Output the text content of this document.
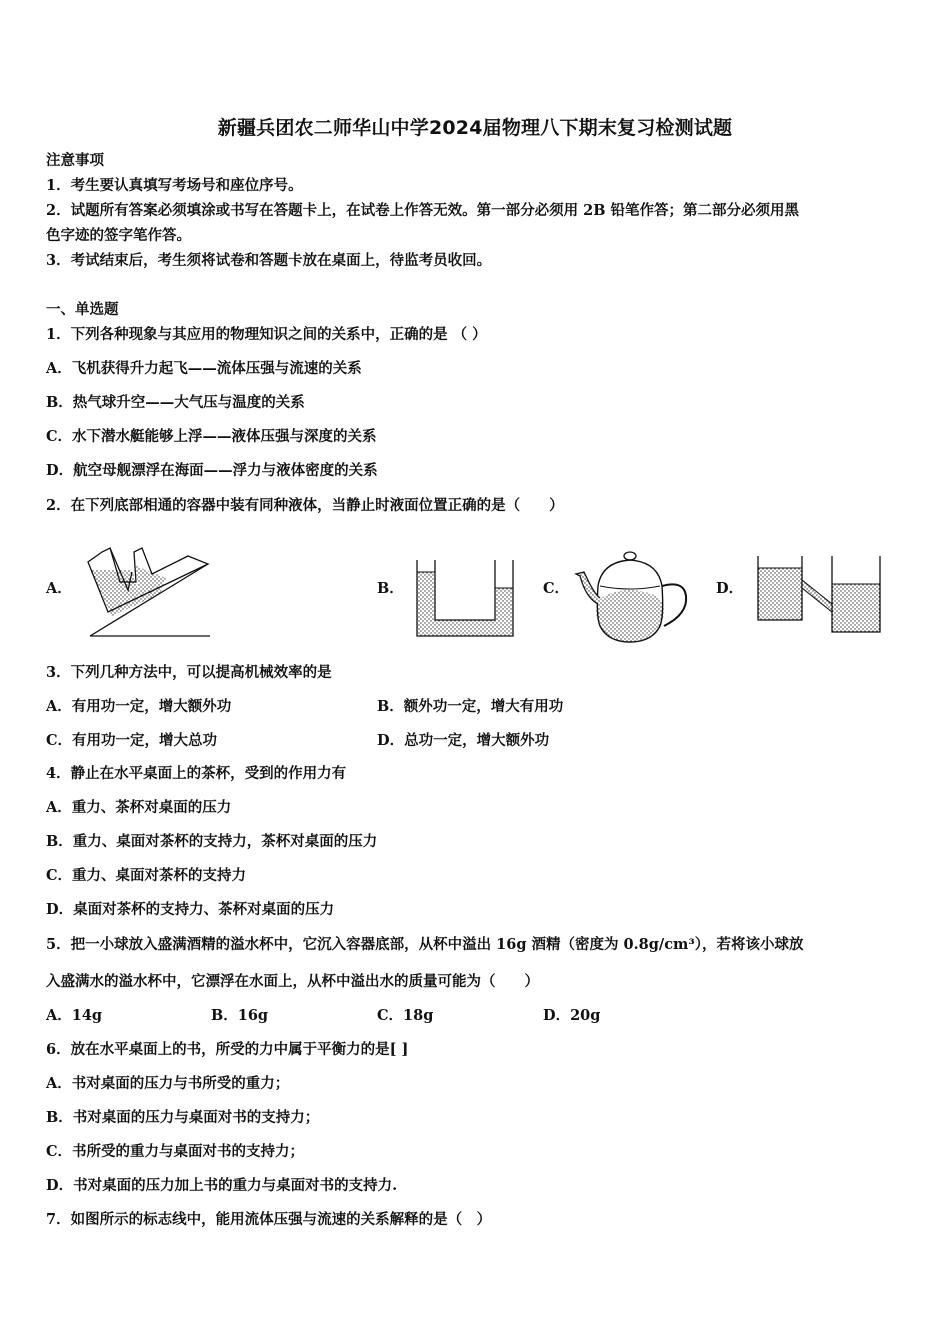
新疆兵团农二师华山中学2024届物理八下期末复习检测试题
注意事项
1．考生要认真填写考场号和座位序号。
2．试题所有答案必须填涂或书写在答题卡上，在试卷上作答无效。第一部分必须用 2B 铅笔作答；第二部分必须用黑
色字迹的签字笔作答。
3．考试结束后，考生须将试卷和答题卡放在桌面上，待监考员收回。
一、单选题
1．下列各种现象与其应用的物理知识之间的关系中，正确的是 （ ）
A．飞机获得升力起飞——流体压强与流速的关系
B．热气球升空——大气压与温度的关系
C．水下潜水艇能够上浮——液体压强与深度的关系
D．航空母舰漂浮在海面——浮力与液体密度的关系
2．在下列底部相通的容器中装有同种液体，当静止时液面位置正确的是（　　）
A．	B．	C．	D．
3．下列几种方法中，可以提高机械效率的是
A．有用功一定，增大额外功	B．额外功一定，增大有用功
C．有用功一定，增大总功	D．总功一定，增大额外功
4．静止在水平桌面上的茶杯，受到的作用力有
A．重力、茶杯对桌面的压力
B．重力、桌面对茶杯的支持力，茶杯对桌面的压力
C．重力、桌面对茶杯的支持力
D．桌面对茶杯的支持力、茶杯对桌面的压力
5．把一小球放入盛满酒精的溢水杯中，它沉入容器底部，从杯中溢出 16g 酒精（密度为 0.8g/cm³），若将该小球放
入盛满水的溢水杯中，它漂浮在水面上，从杯中溢出水的质量可能为（　　）
A．14g	B．16g	C．18g	D．20g
6．放在水平桌面上的书，所受的力中属于平衡力的是[ ]
A．书对桌面的压力与书所受的重力；
B．书对桌面的压力与桌面对书的支持力；
C．书所受的重力与桌面对书的支持力；
D．书对桌面的压力加上书的重力与桌面对书的支持力.
7．如图所示的标志线中，能用流体压强与流速的关系解释的是（　）
